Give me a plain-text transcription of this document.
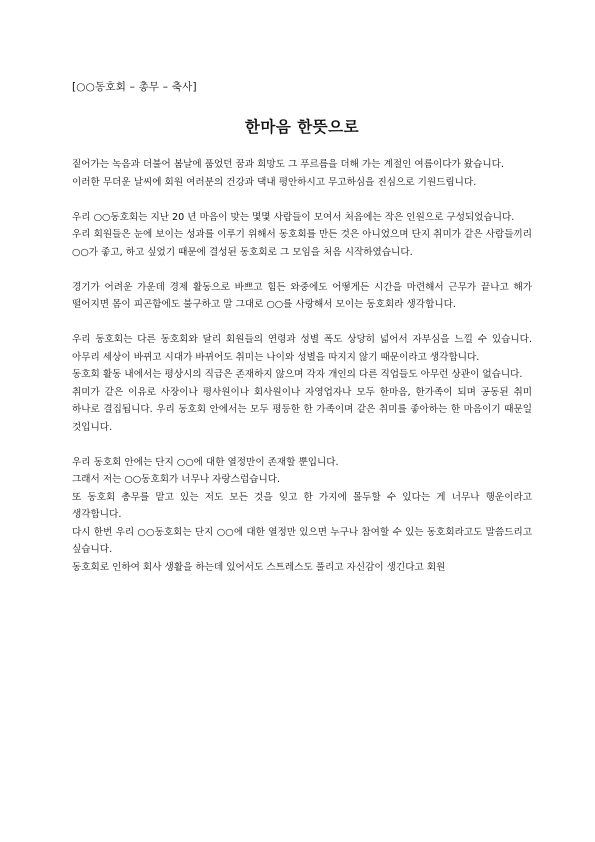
[○○동호회 – 총무 – 축사]

한마음 한뜻으로

짙어가는 녹음과 더불어 봄날에 품었던 꿈과 희망도 그 푸르름을 더해 가는 계절인 여름이다가 왔습니다.

이러한 무더운 날씨에 회원 여러분의 건강과 댁내 평안하시고 무고하심을 진심으로 기원드립니다.

우리 ○○동호회는 지난 20 년 마음이 맞는 몇몇 사람들이 모여서 처음에는 작은 인원으로 구성되었습니다.

우리 회원들은 눈에 보이는 성과를 이루기 위해서 동호회를 만든 것은 아니었으며 단지 취미가 같은 사람들끼리 ○○가 좋고, 하고 싶었기 때문에 결성된 동호회로 그 모임을 처음 시작하였습니다.

경기가 어려운 가운데 경제 활동으로 바쁘고 힘든 와중에도 어떻게든 시간을 마련해서 근무가 끝나고 해가 떨어지면 몸이 피곤함에도 불구하고 말 그대로 ○○를 사랑해서 모이는 동호회라 생각합니다.

우리 동호회는 다른 동호회와 달리 회원들의 연령과 성별 폭도 상당히 넓어서 자부심을 느낄 수 있습니다. 아무리 세상이 바뀌고 시대가 바뀌어도 취미는 나이와 성별을 따지지 않기 때문이라고 생각합니다.

동호회 활동 내에서는 평상시의 직급은 존재하지 않으며 각자 개인의 다른 직업들도 아무런 상관이 없습니다.

취미가 같은 이유로 사장이나 평사원이나 회사원이나 자영업자나 모두 한마음, 한가족이 되며 공동된 취미 하나로 결집됩니다. 우리 동호회 안에서는 모두 평등한 한 가족이며 같은 취미를 좋아하는 한 마음이기 때문일 것입니다.

우리 동호회 안에는 단지 ○○에 대한 열정만이 존재할 뿐입니다.

그래서 저는 ○○동호회가 너무나 자랑스럽습니다.

또 동호회 총무를 맡고 있는 저도 모든 것을 잊고 한 가지에 몰두할 수 있다는 게 너무나 행운이라고 생각합니다.

다시 한번 우리 ○○동호회는 단지 ○○에 대한 열정만 있으면 누구나 참여할 수 있는 동호회라고도 말씀드리고 싶습니다.

동호회로 인하여 회사 생활을 하는데 있어서도 스트레스도 풀리고 자신감이 생긴다고 회원
